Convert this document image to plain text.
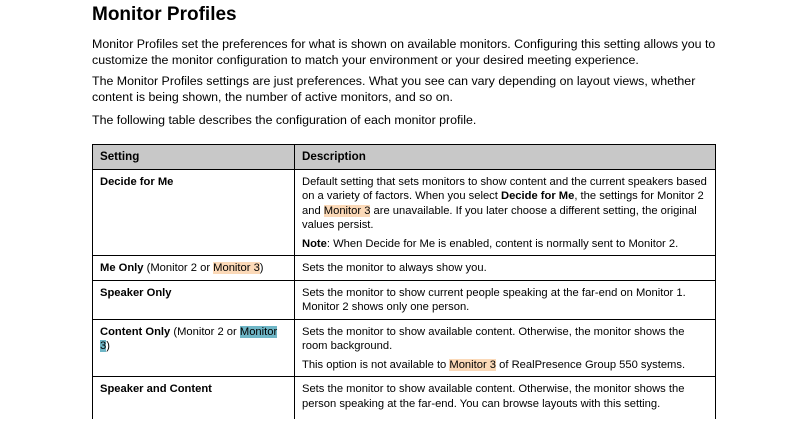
Monitor Profiles

Monitor Profiles set the preferences for what is shown on available monitors. Configuring this setting allows you to customize the monitor configuration to match your environment or your desired meeting experience.

The Monitor Profiles settings are just preferences. What you see can vary depending on layout views, whether content is being shown, the number of active monitors, and so on.

The following table describes the configuration of each monitor profile.

Setting	Description
Decide for Me	Default setting that sets monitors to show content and the current speakers based on a variety of factors. When you select Decide for Me, the settings for Monitor 2 and Monitor 3 are unavailable. If you later choose a different setting, the original values persist.

Note: When Decide for Me is enabled, content is normally sent to Monitor 2.

Me Only (Monitor 2 or Monitor 3)	Sets the monitor to always show you.

Speaker Only	Sets the monitor to show current people speaking at the far-end on Monitor 1. Monitor 2 shows only one person.

Content Only (Monitor 2 or Monitor 3)	Sets the monitor to show available content. Otherwise, the monitor shows the room background.

This option is not available to Monitor 3 of RealPresence Group 550 systems.

Speaker and Content	Sets the monitor to show available content. Otherwise, the monitor shows the person speaking at the far-end. You can browse layouts with this setting.
